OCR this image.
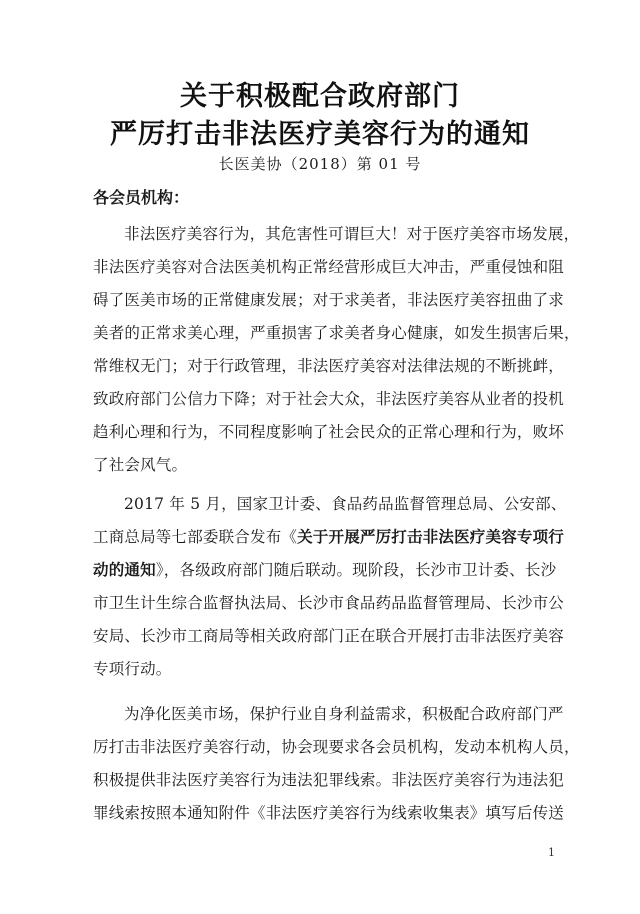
关于积极配合政府部门
严厉打击非法医疗美容行为的通知
长医美协（2018）第 01 号
各会员机构：
非法医疗美容行为，其危害性可谓巨大！对于医疗美容市场发展，
非法医疗美容对合法医美机构正常经营形成巨大冲击，严重侵蚀和阻
碍了医美市场的正常健康发展；对于求美者，非法医疗美容扭曲了求
美者的正常求美心理，严重损害了求美者身心健康，如发生损害后果，
常维权无门；对于行政管理，非法医疗美容对法律法规的不断挑衅，
致政府部门公信力下降；对于社会大众，非法医疗美容从业者的投机
趋利心理和行为，不同程度影响了社会民众的正常心理和行为，败坏
了社会风气。
2017 年 5 月，国家卫计委、食品药品监督管理总局、公安部、
工商总局等七部委联合发布《关于开展严厉打击非法医疗美容专项行
动的通知》，各级政府部门随后联动。现阶段，长沙市卫计委、长沙
市卫生计生综合监督执法局、长沙市食品药品监督管理局、长沙市公
安局、长沙市工商局等相关政府部门正在联合开展打击非法医疗美容
专项行动。
为净化医美市场，保护行业自身利益需求，积极配合政府部门严
厉打击非法医疗美容行动，协会现要求各会员机构，发动本机构人员，
积极提供非法医疗美容行为违法犯罪线索。非法医疗美容行为违法犯
罪线索按照本通知附件《非法医疗美容行为线索收集表》填写后传送
1
